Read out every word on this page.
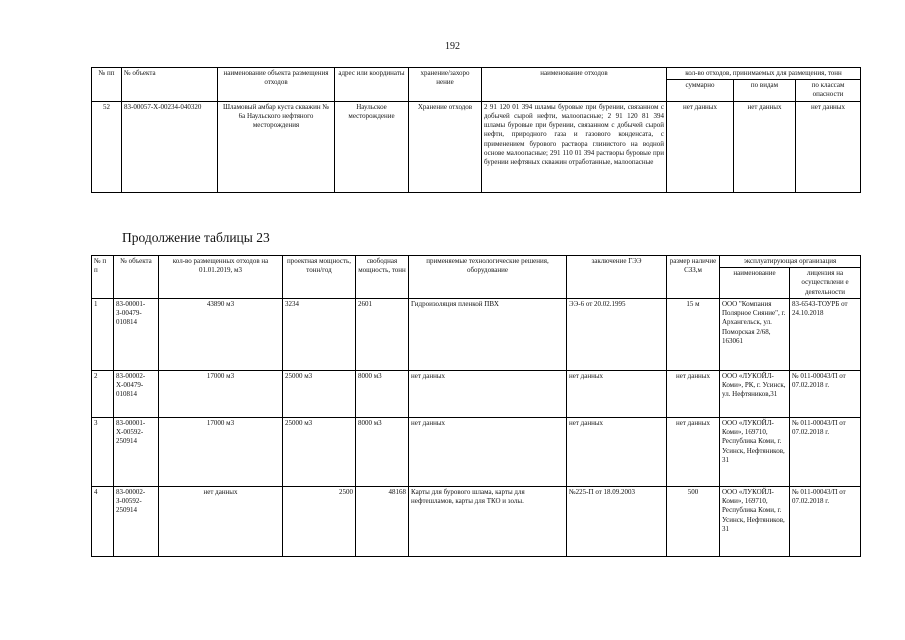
192
№ пп	№ объекта	наименование объекта размещения отходов	адрес или координаты	хранение/захоро нение	наименование отходов	кол-во отходов, принимаемых для размещения, тонн		
						суммарно	по видам	по классам опасности
52	83-00057-Х-00234-040320	Шламовый амбар куста скважин № 6а Наульского нефтяного месторождения	Наульское месторождение	Хранение отходов	2 91 120 01 394 шламы буровые при бурении, связанном с добычей сырой нефти, малоопасные; 2 91 120 81 394 шламы буровые при бурении, связанном с добычей сырой нефти, природного газа и газового конденсата, с применением бурового раствора глинистого на водной основе малоопасные; 291 110 01 394 растворы буровые при бурении нефтяных скважин отработанные, малоопасные	нет данных	нет данных	нет данных
Продолжение таблицы 23
№ п п	№ объекта	кол-во размещенных отходов на 01.01.2019, м3	проектная мощность, тонн/год	свободная мощность, тонн	применяемые технологические решения, оборудование	заключение ГЭЭ	размер наличие СЗЗ,м	эксплуатирующая организация	
								наименование	лицензия на осуществлени е деятельности
1	83-00001-З-00479-010814	43890 м3	3234	2601	Гидроизоляция пленкой ПВХ	ЭЭ-6 от 20.02.1995	15 м	ООО "Компания Полярное Сияние", г. Архангельск, ул. Поморская 2/68, 163061	83-6543-ТОУРБ от 24.10.2018
2	83-00002-Х-00479-010814	17000 м3	25000 м3	8000 м3	нет данных	нет данных	нет данных	ООО «ЛУКОЙЛ-Коми», РК, г. Усинск, ул. Нефтяников,31	№ 011-00043/П от 07.02.2018 г.
3	83-00001-Х-00592-250914	17000 м3	25000 м3	8000 м3	нет данных	нет данных	нет данных	ООО «ЛУКОЙЛ-Коми», 169710, Республика Коми, г. Усинск, Нефтяников, 31	№ 011-00043/П от 07.02.2018 г.
4	83-00002-З-00592-250914	нет данных	2500	48168	Карты для бурового шлама, карты для нефтешламов, карты для ТКО и золы.	№225-П от 18.09.2003	500	ООО «ЛУКОЙЛ-Коми», 169710, Республика Коми, г. Усинск, Нефтяников, 31	№ 011-00043/П от 07.02.2018 г.
